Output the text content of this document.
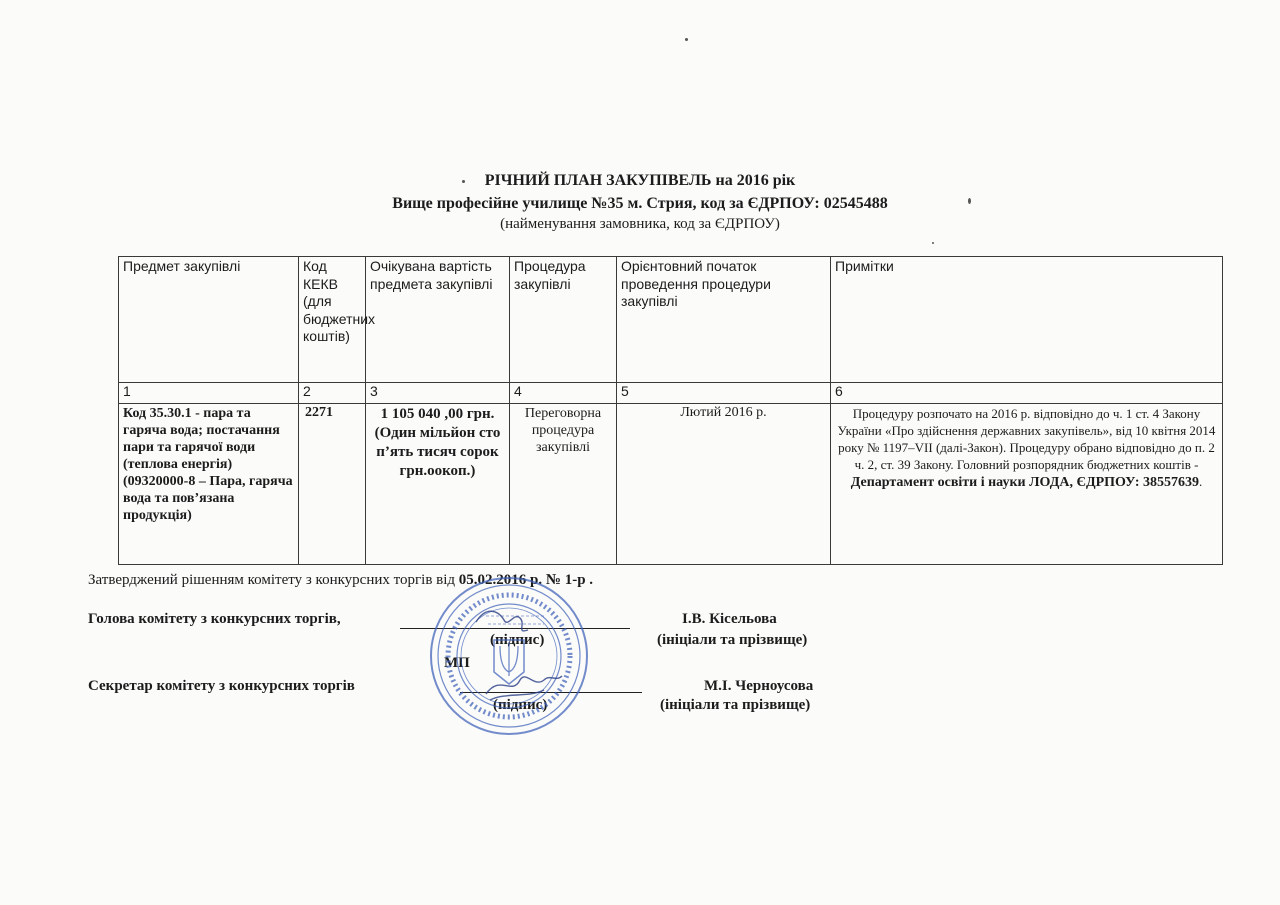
РІЧНИЙ ПЛАН ЗАКУПІВЕЛЬ на 2016 рік
Вище професійне училище №35 м. Стрия, код за ЄДРПОУ: 02545488
(найменування замовника, код за ЄДРПОУ)
Предмет закупівлі	Код КЕКВ (для бюджетних коштів)	Очікувана вартість предмета закупівлі	Процедура закупівлі	Орієнтовний початок проведення процедури закупівлі	Примітки
1	2	3	4	5	6
Код 35.30.1 - пара та гаряча вода; постачання пари та гарячої води (теплова енергія) (09320000-8 – Пара, гаряча вода та пов’язана продукція)	2271	1 105 040 ,00 грн. (Один мільйон сто п’ять тисяч сорок грн.оокоп.)	Переговорна процедура закупівлі	Лютий 2016 р.	Процедуру розпочато на 2016 р. відповідно до ч. 1 ст. 4 Закону України «Про здійснення державних закупівель», від 10 квітня 2014 року № 1197–VII (далі-Закон). Процедуру обрано відповідно до п. 2 ч. 2, ст. 39 Закону. Головний розпорядник бюджетних коштів -
Департамент освіти і науки ЛОДА, ЄДРПОУ: 38557639.
Затверджений рішенням комітету з конкурсних торгів від 05.02.2016 р. № 1-р .
Голова комітету з конкурсних торгів,	І.В. Кісельова
(підпис)	(ініціали та прізвище)
МП
Секретар комітету з конкурсних торгів	М.І. Черноусова
(підпис)	(ініціали та прізвище)
